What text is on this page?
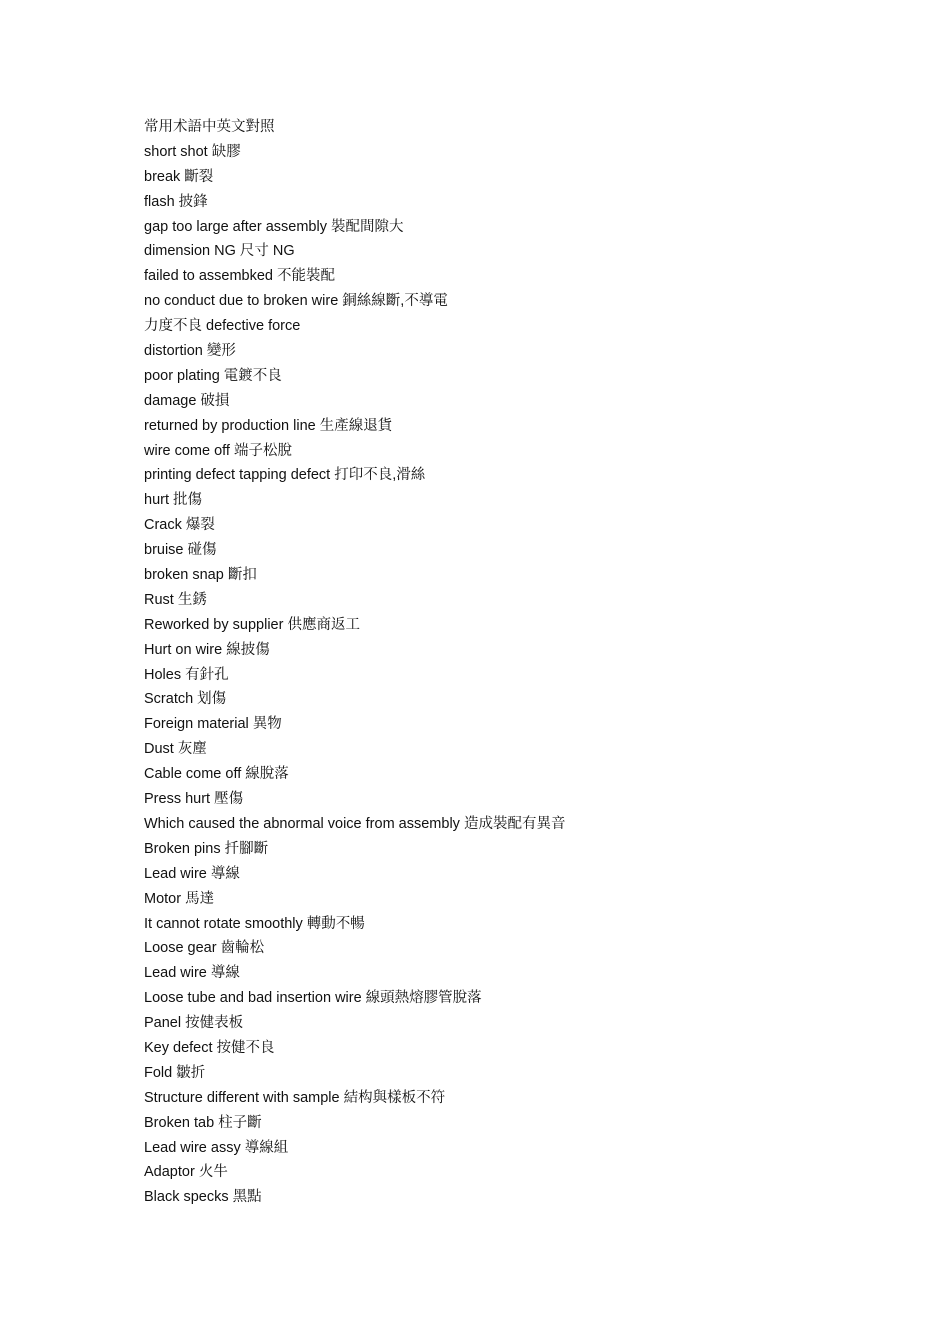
常用术語中英文對照
short shot 缺膠
break 斷裂
flash 披鋒
gap too large after assembly 裝配間隙大
dimension NG 尺寸 NG
failed to assembked 不能裝配
no conduct due to broken wire 銅絲線斷,不導電
力度不良 defective force
distortion 變形
poor plating 電鍍不良
damage 破損
returned by production line 生產線退貨
wire come off 端子松脫
printing defect tapping defect 打印不良,滑絲
hurt 批傷
Crack 爆裂
bruise 碰傷
broken snap 斷扣
Rust 生銹
Reworked by supplier 供應商返工
Hurt on wire 線披傷
Holes 有針孔
Scratch 划傷
Foreign material 異物
Dust 灰塵
Cable come off 線脫落
Press hurt 壓傷
Which caused the abnormal voice from assembly 造成裝配有異音
Broken pins 扦腳斷
Lead wire 導線
Motor 馬達
It cannot rotate smoothly 轉動不暢
Loose gear 齒輪松
Lead wire 導線
Loose tube and bad insertion wire 線頭熱熔膠管脫落
Panel 按健表板
Key defect 按健不良
Fold 皺折
Structure different with sample 結构與樣板不符
Broken tab 柱子斷
Lead wire assy 導線組
Adaptor 火牛
Black specks 黑點
